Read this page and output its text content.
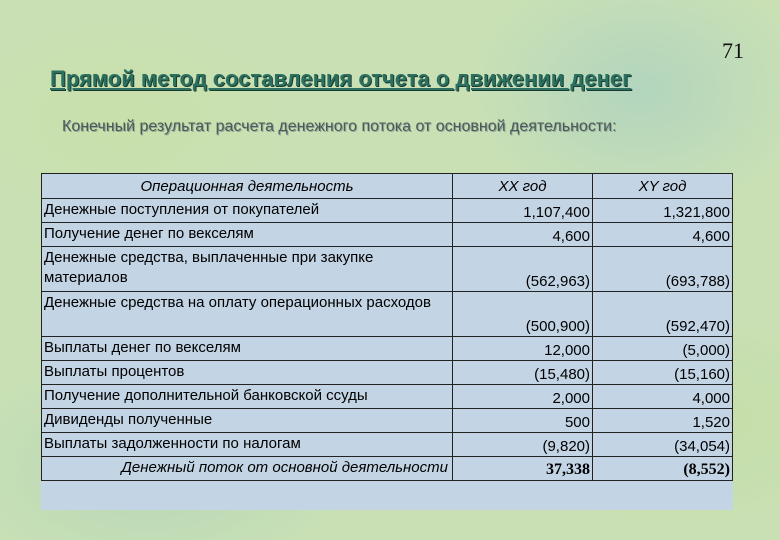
71
Прямой метод составления отчета о движении денег
Конечный результат расчета денежного потока от основной деятельности:
Операционная деятельность	XX год	XY год
Денежные поступления от покупателей	1,107,400	1,321,800
Получение денег по векселям	4,600	4,600
Денежные средства, выплаченные при закупке материалов	(562,963)	(693,788)
Денежные средства на оплату операционных расходов	(500,900)	(592,470)
Выплаты денег по векселям	12,000	(5,000)
Выплаты процентов	(15,480)	(15,160)
Получение дополнительной банковской ссуды	2,000	4,000
Дивиденды полученные	500	1,520
Выплаты задолженности по налогам	(9,820)	(34,054)
Денежный поток от основной деятельности	37,338	(8,552)
